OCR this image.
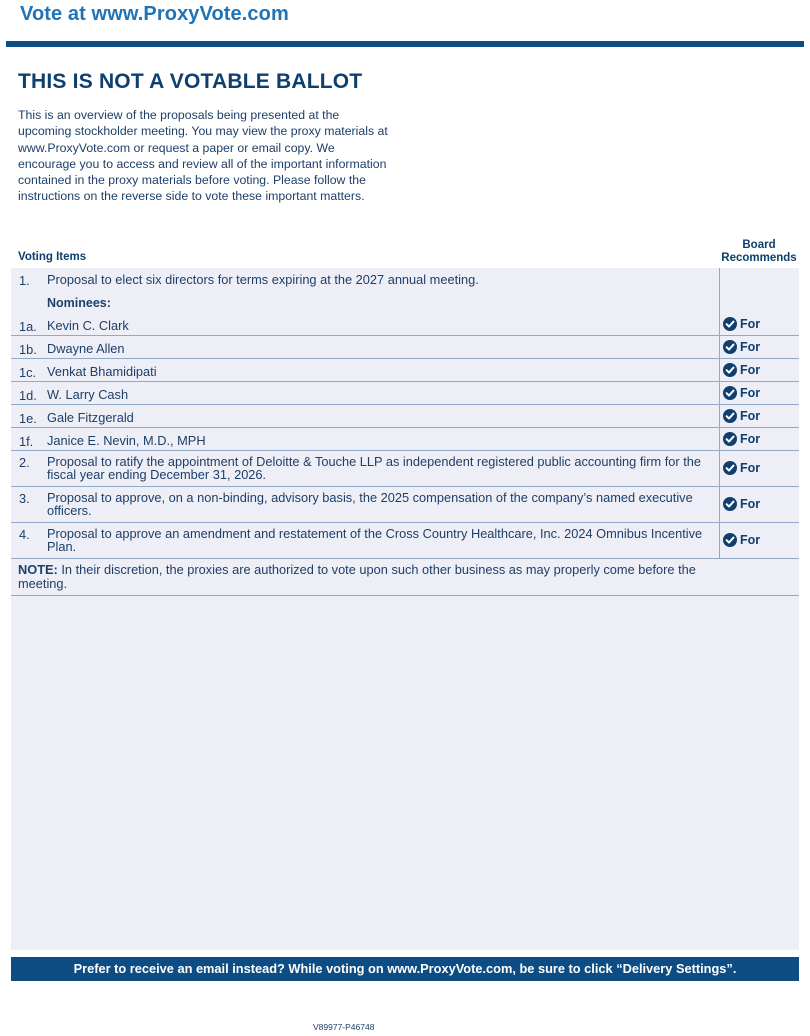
Vote at www.ProxyVote.com
THIS IS NOT A VOTABLE BALLOT
This is an overview of the proposals being presented at the upcoming stockholder meeting. You may view the proxy materials at www.ProxyVote.com or request a paper or email copy. We encourage you to access and review all of the important information contained in the proxy materials before voting. Please follow the instructions on the reverse side to vote these important matters.
Voting Items
Board
Recommends
1. Proposal to elect six directors for terms expiring at the 2027 annual meeting.
Nominees:
1a. Kevin C. Clark	For
1b. Dwayne Allen	For
1c. Venkat Bhamidipati	For
1d. W. Larry Cash	For
1e. Gale Fitzgerald	For
1f. Janice E. Nevin, M.D., MPH	For
2. Proposal to ratify the appointment of Deloitte & Touche LLP as independent registered public accounting firm for the fiscal year ending December 31, 2026.	For
3. Proposal to approve, on a non-binding, advisory basis, the 2025 compensation of the company’s named executive officers.	For
4. Proposal to approve an amendment and restatement of the Cross Country Healthcare, Inc. 2024 Omnibus Incentive Plan.	For
NOTE: In their discretion, the proxies are authorized to vote upon such other business as may properly come before the meeting.
Prefer to receive an email instead? While voting on www.ProxyVote.com, be sure to click “Delivery Settings”.
V89977-P46748
